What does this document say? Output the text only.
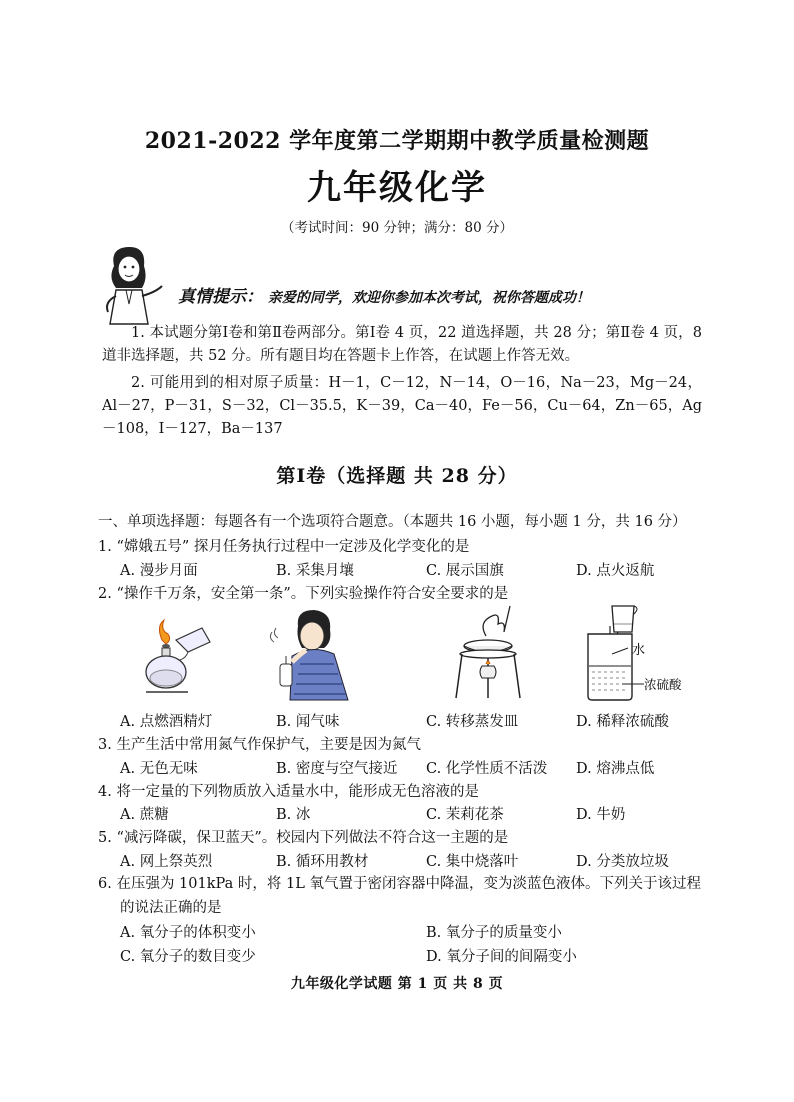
2021-2022 学年度第二学期期中教学质量检测题
九年级化学
（考试时间：90 分钟；满分：80 分）
真情提示： 亲爱的同学，欢迎你参加本次考试，祝你答题成功！
1. 本试题分第Ⅰ卷和第Ⅱ卷两部分。第Ⅰ卷 4 页，22 道选择题，共 28 分；第Ⅱ卷 4 页，8 道非选择题，共 52 分。所有题目均在答题卡上作答，在试题上作答无效。
2. 可能用到的相对原子质量：H－1，C－12，N－14，O－16，Na－23，Mg－24，Al－27，P－31，S－32，Cl－35.5，K－39，Ca－40，Fe－56，Cu－64，Zn－65，Ag－108，I－127，Ba－137
第Ⅰ卷（选择题 共 28 分）
一、单项选择题：每题各有一个选项符合题意。（本题共 16 小题，每小题 1 分，共 16 分）
1. “嫦娥五号” 探月任务执行过程中一定涉及化学变化的是
A. 漫步月面	B. 采集月壤	C. 展示国旗	D. 点火返航
2. “操作千万条，安全第一条”。下列实验操作符合安全要求的是
水
浓硫酸
A. 点燃酒精灯	B. 闻气味	C. 转移蒸发皿	D. 稀释浓硫酸
3. 生产生活中常用氮气作保护气，主要是因为氮气
A. 无色无味	B. 密度与空气接近 C. 化学性质不活泼 D. 熔沸点低
4. 将一定量的下列物质放入适量水中，能形成无色溶液的是
A. 蔗糖	B. 冰	C. 茉莉花茶	D. 牛奶
5. “减污降碳，保卫蓝天”。校园内下列做法不符合这一主题的是
A. 网上祭英烈	B. 循环用教材	C. 集中烧落叶	D. 分类放垃圾
6. 在压强为 101kPa 时，将 1L 氧气置于密闭容器中降温，变为淡蓝色液体。下列关于该过程
的说法正确的是
A. 氧分子的体积变小	B. 氧分子的质量变小
C. 氧分子的数目变少	D. 氧分子间的间隔变小
九年级化学试题 第 1 页 共 8 页
